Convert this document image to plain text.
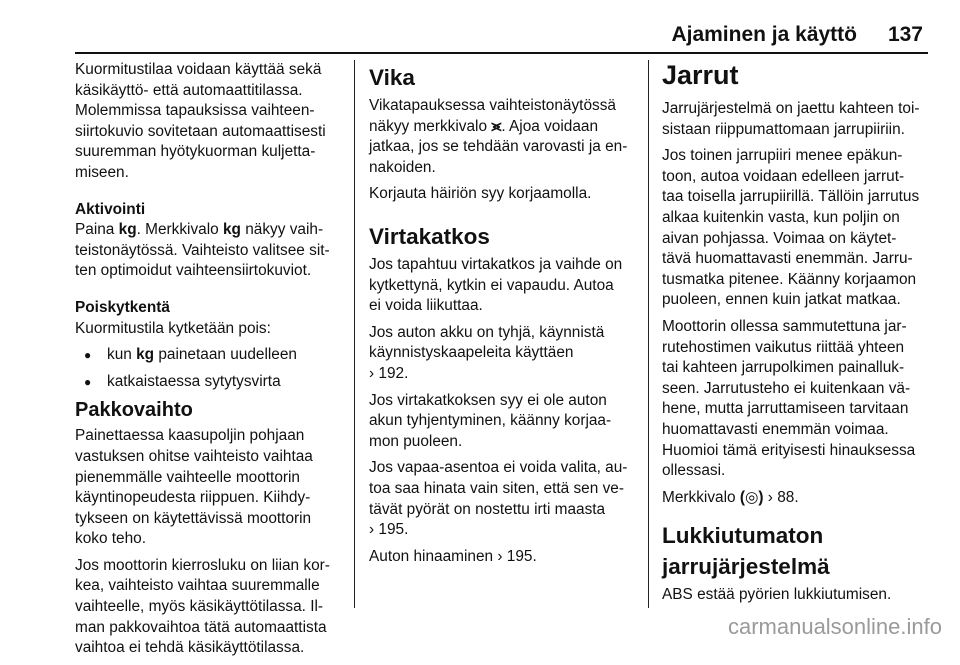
Ajaminen ja käyttö 137

Kuormitustilaa voidaan käyttää sekä
käsikäyttö- että automaattitilassa.
Molemmissa tapauksissa vaihteen-
siirtokuvio sovitetaan automaattisesti
suuremman hyötykuorman kuljetta-
miseen.

Aktivointi

Paina kg. Merkkivalo kg näkyy vaih-
teistonäytössä. Vaihteisto valitsee sit-
ten optimoidut vaihteensiirtokuviot.

Poiskytkentä

Kuormitustila kytketään pois:

● kun kg painetaan uudelleen
● katkaistaessa sytytysvirta
Pakkovaihto

Painettaessa kaasupoljin pohjaan
vastuksen ohitse vaihteisto vaihtaa
pienemmälle vaihteelle moottorin
käyntinopeudesta riippuen. Kiihdy-
tykseen on käytettävissä moottorin
koko teho.

Jos moottorin kierrosluku on liian kor-
kea, vaihteisto vaihtaa suuremmalle
vaihteelle, myös käsikäyttötilassa. Il-
man pakkovaihtoa tätä automaattista
vaihtoa ei tehdä käsikäyttötilassa.

Vika

Vikatapauksessa vaihteistonäytössä
näkyy merkkivalo ⪤. Ajoa voidaan
jatkaa, jos se tehdään varovasti ja en-
nakoiden.

Korjauta häiriön syy korjaamolla.

Virtakatkos

Jos tapahtuu virtakatkos ja vaihde on
kytkettynä, kytkin ei vapaudu. Autoa
ei voida liikuttaa.

Jos auton akku on tyhjä, käynnistä
käynnistyskaapeleita käyttäen
› 192.

Jos virtakatkoksen syy ei ole auton
akun tyhjentyminen, käänny korjaa-
mon puoleen.

Jos vapaa-asentoa ei voida valita, au-
toa saa hinata vain siten, että sen ve-
tävät pyörät on nostettu irti maasta
› 195.

Auton hinaaminen › 195.

Jarrut

Jarrujärjestelmä on jaettu kahteen toi-
sistaan riippumattomaan jarrupiiriin.

Jos toinen jarrupiiri menee epäkun-
toon, autoa voidaan edelleen jarrut-
taa toisella jarrupiirillä. Tällöin jarrutus
alkaa kuitenkin vasta, kun poljin on
aivan pohjassa. Voimaa on käytet-
tävä huomattavasti enemmän. Jarru-
tusmatka pitenee. Käänny korjaamon
puoleen, ennen kuin jatkat matkaa.

Moottorin ollessa sammutettuna jar-
rutehostimen vaikutus riittää yhteen
tai kahteen jarrupolkimen painalluk-
seen. Jarrutusteho ei kuitenkaan vä-
hene, mutta jarruttamiseen tarvitaan
huomattavasti enemmän voimaa.
Huomioi tämä erityisesti hinauksessa
ollessasi.

Merkkivalo (◎) › 88.

Lukkiutumaton
jarrujärjestelmä

ABS estää pyörien lukkiutumisen.

carmanualsonline.info
